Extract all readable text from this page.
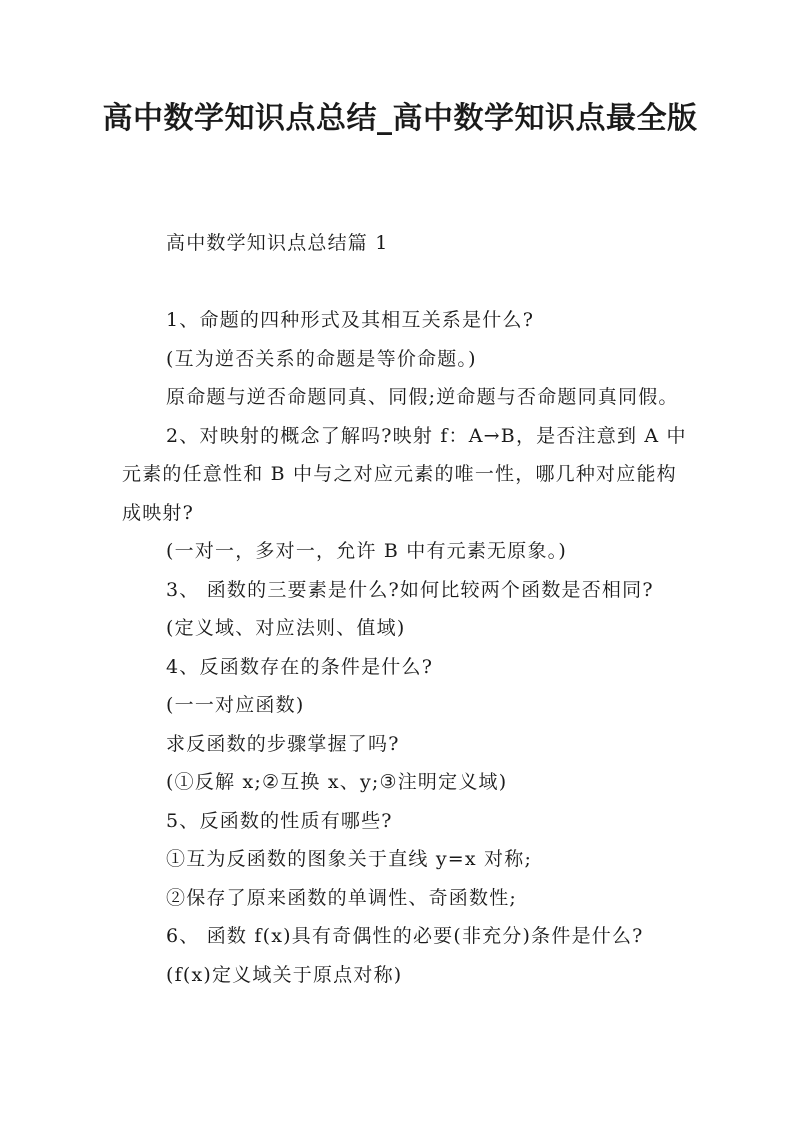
高中数学知识点总结_高中数学知识点最全版

高中数学知识点总结篇 1

1、命题的四种形式及其相互关系是什么?

(互为逆否关系的命题是等价命题。)

原命题与逆否命题同真、同假;逆命题与否命题同真同假。

2、对映射的概念了解吗?映射 f：A→B，是否注意到 A 中元素的任意性和 B 中与之对应元素的唯一性，哪几种对应能构成映射?

(一对一，多对一，允许 B 中有元素无原象。)

3、 函数的三要素是什么?如何比较两个函数是否相同?

(定义域、对应法则、值域)

4、反函数存在的条件是什么?

(一一对应函数)

求反函数的步骤掌握了吗?

(①反解 x;②互换 x、y;③注明定义域)

5、反函数的性质有哪些?

①互为反函数的图象关于直线 y=x 对称;

②保存了原来函数的单调性、奇函数性;

6、 函数 f(x)具有奇偶性的必要(非充分)条件是什么?

(f(x)定义域关于原点对称)
